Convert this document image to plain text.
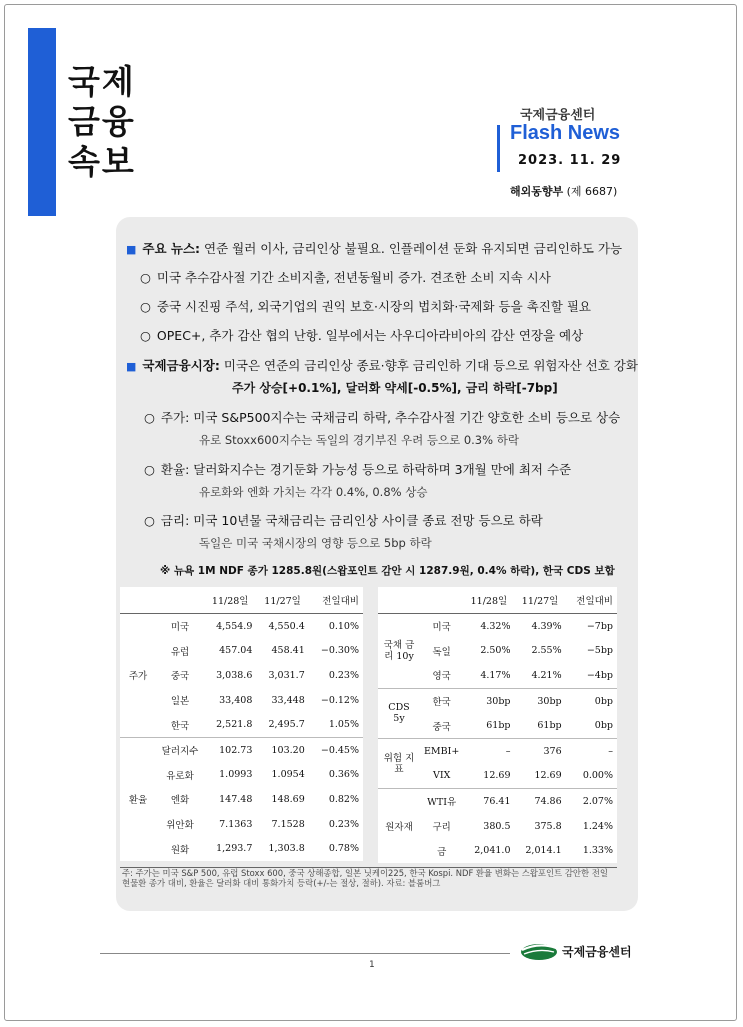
국제
금융
속보
국제금융센터
Flash News
2023. 11. 29
해외동향부 (제 6687)
■ 주요 뉴스: 연준 월러 이사, 금리인상 불필요. 인플레이션 둔화 유지되면 금리인하도 가능
○ 미국 추수감사절 기간 소비지출, 전년동월비 증가. 견조한 소비 지속 시사
○ 중국 시진핑 주석, 외국기업의 권익 보호·시장의 법치화·국제화 등을 촉진할 필요
○ OPEC+, 추가 감산 협의 난항. 일부에서는 사우디아라비아의 감산 연장을 예상
■ 국제금융시장: 미국은 연준의 금리인상 종료·향후 금리인하 기대 등으로 위험자산 선호 강화
주가 상승[+0.1%], 달러화 약세[-0.5%], 금리 하락[-7bp]
○ 주가: 미국 S&P500지수는 국채금리 하락, 추수감사절 기간 양호한 소비 등으로 상승
유로 Stoxx600지수는 독일의 경기부진 우려 등으로 0.3% 하락
○ 환율: 달러화지수는 경기둔화 가능성 등으로 하락하며 3개월 만에 최저 수준
유로화와 엔화 가치는 각각 0.4%, 0.8% 상승
○ 금리: 미국 10년물 국채금리는 금리인상 사이클 종료 전망 등으로 하락
독일은 미국 국채시장의 영향 등으로 5bp 하락
※ 뉴욕 1M NDF 종가 1285.8원(스왑포인트 감안 시 1287.9원, 0.4% 하락), 한국 CDS 보합
		11/28일	11/27일	전일대비
주가	미국	4,554.9	4,550.4	0.10%
	유럽	457.04	458.41	−0.30%
	중국	3,038.6	3,031.7	0.23%
	일본	33,408	33,448	−0.12%
	한국	2,521.8	2,495.7	1.05%
환율	달러지수	102.73	103.20	−0.45%
	유로화	1.0993	1.0954	0.36%
	엔화	147.48	148.69	0.82%
	위안화	7.1363	7.1528	0.23%
	원화	1,293.7	1,303.8	0.78%
		11/28일	11/27일	전일대비
국채 금리 10y	미국	4.32%	4.39%	−7bp
	독일	2.50%	2.55%	−5bp
	영국	4.17%	4.21%	−4bp
CDS 5y	한국	30bp	30bp	0bp
	중국	61bp	61bp	0bp
위험 지표	EMBI+	–	376	–
	VIX	12.69	12.69	0.00%
원자재	WTI유	76.41	74.86	2.07%
	구리	380.5	375.8	1.24%
	금	2,041.0	2,014.1	1.33%
주: 주가는 미국 S&P 500, 유럽 Stoxx 600, 중국 상해종합, 일본 닛케이225, 한국 Kospi. NDF 환율 변화는 스왑포인트 감안한 전일 현물환 종가 대비, 환율은 달러화 대비 통화가치 등락(+/-는 절상, 절하). 자료: 블룸버그
국제금융센터
1
